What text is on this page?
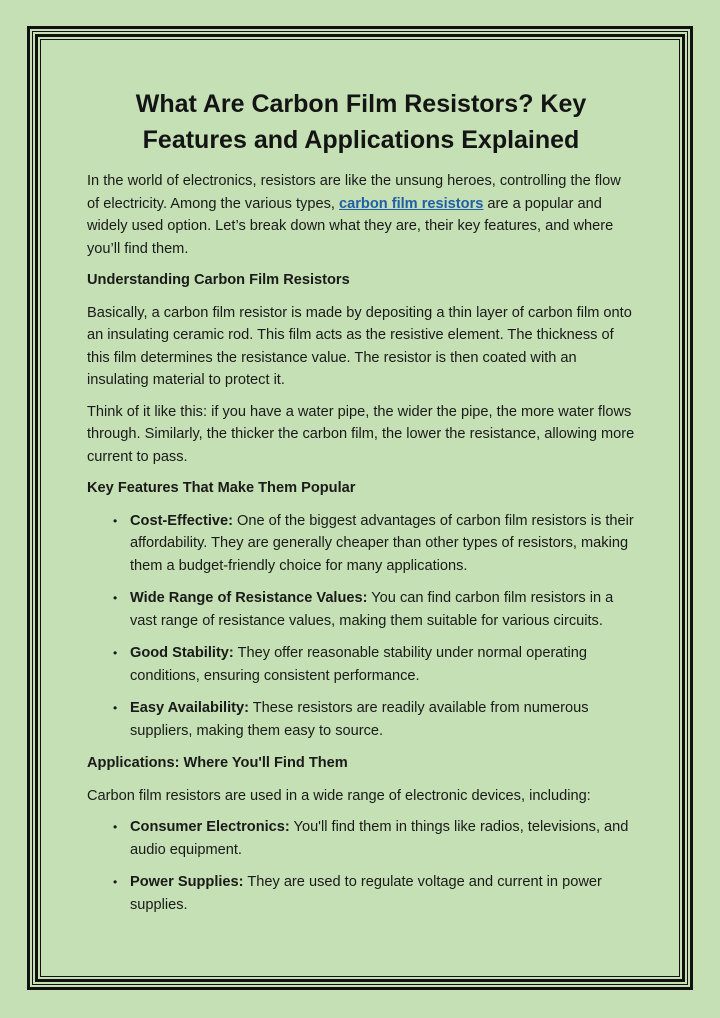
What Are Carbon Film Resistors? Key Features and Applications Explained

In the world of electronics, resistors are like the unsung heroes, controlling the flow of electricity. Among the various types, carbon film resistors are a popular and widely used option. Let’s break down what they are, their key features, and where you’ll find them.

Understanding Carbon Film Resistors

Basically, a carbon film resistor is made by depositing a thin layer of carbon film onto an insulating ceramic rod. This film acts as the resistive element. The thickness of this film determines the resistance value. The resistor is then coated with an insulating material to protect it.

Think of it like this: if you have a water pipe, the wider the pipe, the more water flows through. Similarly, the thicker the carbon film, the lower the resistance, allowing more current to pass.

Key Features That Make Them Popular

• Cost-Effective: One of the biggest advantages of carbon film resistors is their affordability. They are generally cheaper than other types of resistors, making them a budget-friendly choice for many applications.
• Wide Range of Resistance Values: You can find carbon film resistors in a vast range of resistance values, making them suitable for various circuits.
• Good Stability: They offer reasonable stability under normal operating conditions, ensuring consistent performance.
• Easy Availability: These resistors are readily available from numerous suppliers, making them easy to source.

Applications: Where You'll Find Them

Carbon film resistors are used in a wide range of electronic devices, including:

• Consumer Electronics: You'll find them in things like radios, televisions, and audio equipment.
• Power Supplies: They are used to regulate voltage and current in power supplies.
